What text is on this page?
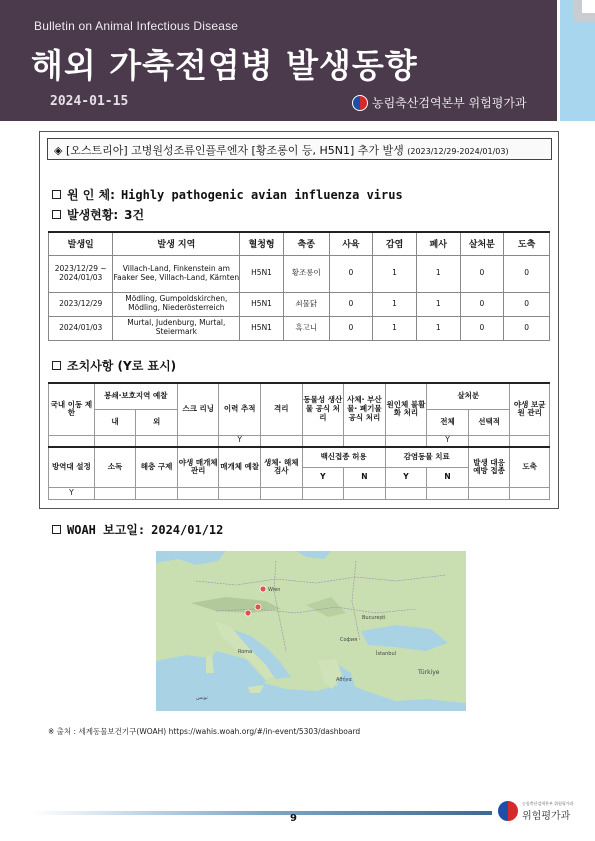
Bulletin on Animal Infectious Disease
해외 가축전염병 발생동향
2024-01-15	농림축산검역본부 위험평가과
◈ [오스트리아] 고병원성조류인플루엔자 [황조롱이 등, H5N1] 추가 발생 (2023/12/29-2024/01/03)
원 인 체: Highly pathogenic avian influenza virus
발생현황: 3건
발생일	발생 지역	혈청형	축종	사육	감염	폐사	살처분	도축
2023/12/29 ~ 2024/01/03	Villach-Land, Finkenstein am Faaker See, Villach-Land, Kärnten	H5N1	황조롱이	0	1	1	0	0
2023/12/29	Mödling, Gumpoldskirchen, Mödling, Niederösterreich	H5N1	쇠물닭	0	1	1	0	0
2024/01/03	Murtal, Judenburg, Murtal, Steiermark	H5N1	흑고니	0	1	1	0	0
조치사항 (Y로 표시)
국내 이동 제한	봉쇄·보호지역 예찰		스크 리닝	이력 추적	격리	동물성 생산물 공식 처리	사체· 부산물· 폐기물 공식 처리	원인체 불활화 처리	살처분		야생 보균원 관리
	내	외							전체	선택적	
				Y					Y		
방역대 설정	소독	해충 구제	야생 매개체 관리	매개체 예찰	생체· 해체 검사	백신접종 허용		감염동물 치료		발생 대응 예방 접종	도축
						Y	N	Y	N		
Y											
WOAH 보고일: 2024/01/12
Wien
Roma
București
София
İstanbul
Türkiye
Αθήνα
تونس
※ 출처 : 세계동물보건기구(WOAH) https://wahis.woah.org/#/in-event/5303/dashboard
9
농림축산검역본부 위험평가과
위험평가과
